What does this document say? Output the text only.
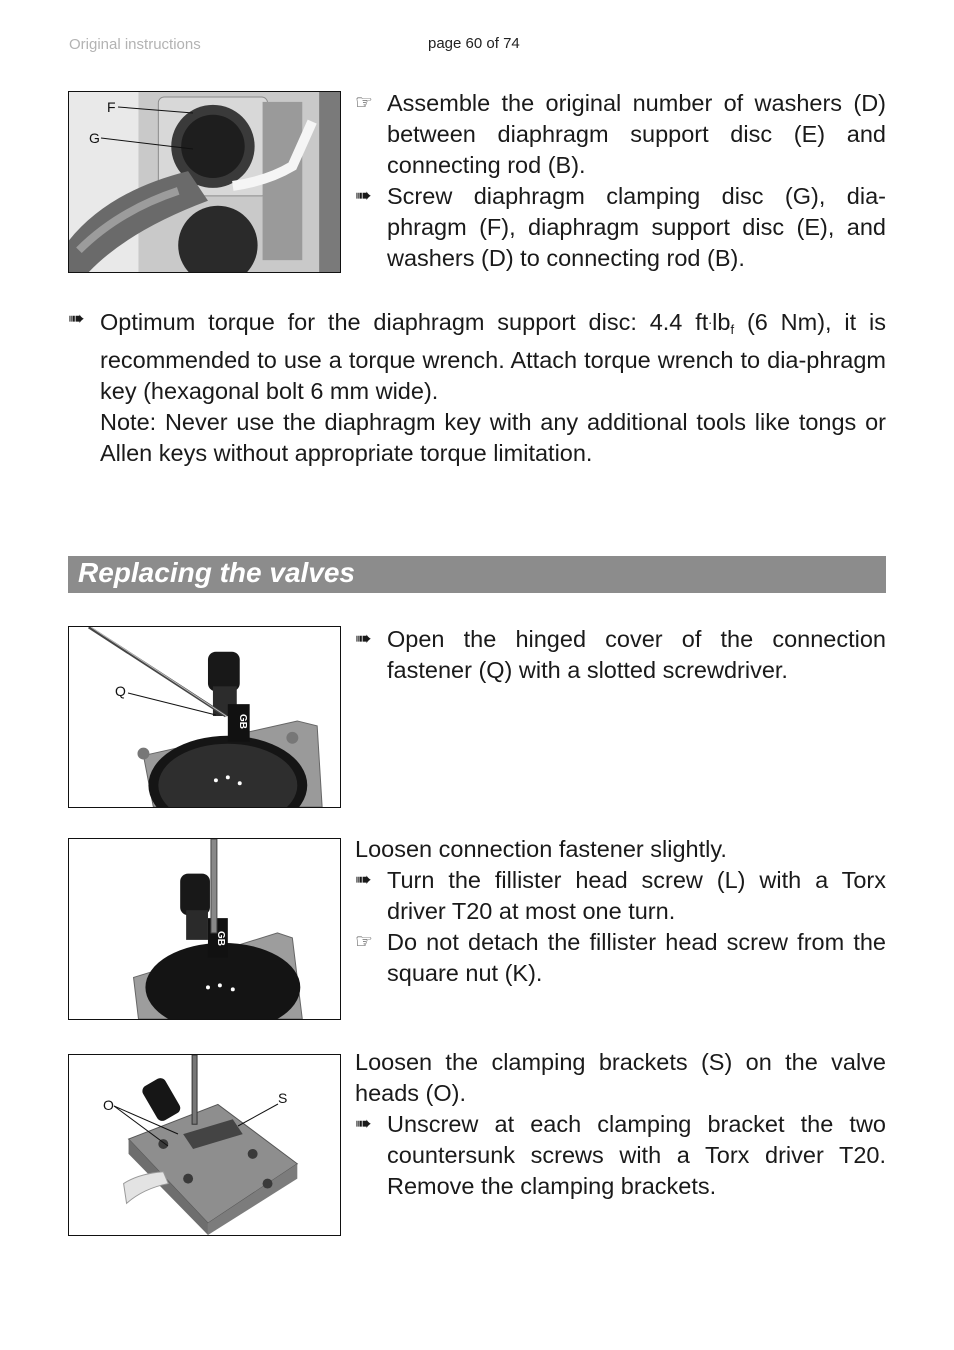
Original instructions	page 60 of 74
F
G
☞ Assemble the original number of washers (D) between diaphragm support disc (E) and connecting rod (B).
➠ Screw diaphragm clamping disc (G), dia-phragm (F), diaphragm support disc (E), and washers (D) to connecting rod (B).
➠ Optimum torque for the diaphragm support disc: 4.4 $ft^.lb_f$ (6 Nm), it is recommended to use a torque wrench. Attach torque wrench to dia-phragm key (hexagonal bolt 6 mm wide).
Note: Never use the diaphragm key with any additional tools like tongs or Allen keys without appropriate torque limitation.
Replacing the valves
Q
GB
➠ Open the hinged cover of the connection fastener (Q) with a slotted screwdriver.
GB
Loosen connection fastener slightly.
➠ Turn the fillister head screw (L) with a Torx driver T20 at most one turn.
☞ Do not detach the fillister head screw from the square nut (K).
O	S
Loosen the clamping brackets (S) on the valve heads (O).
➠ Unscrew at each clamping bracket the two countersunk screws with a Torx driver T20. Remove the clamping brackets.
